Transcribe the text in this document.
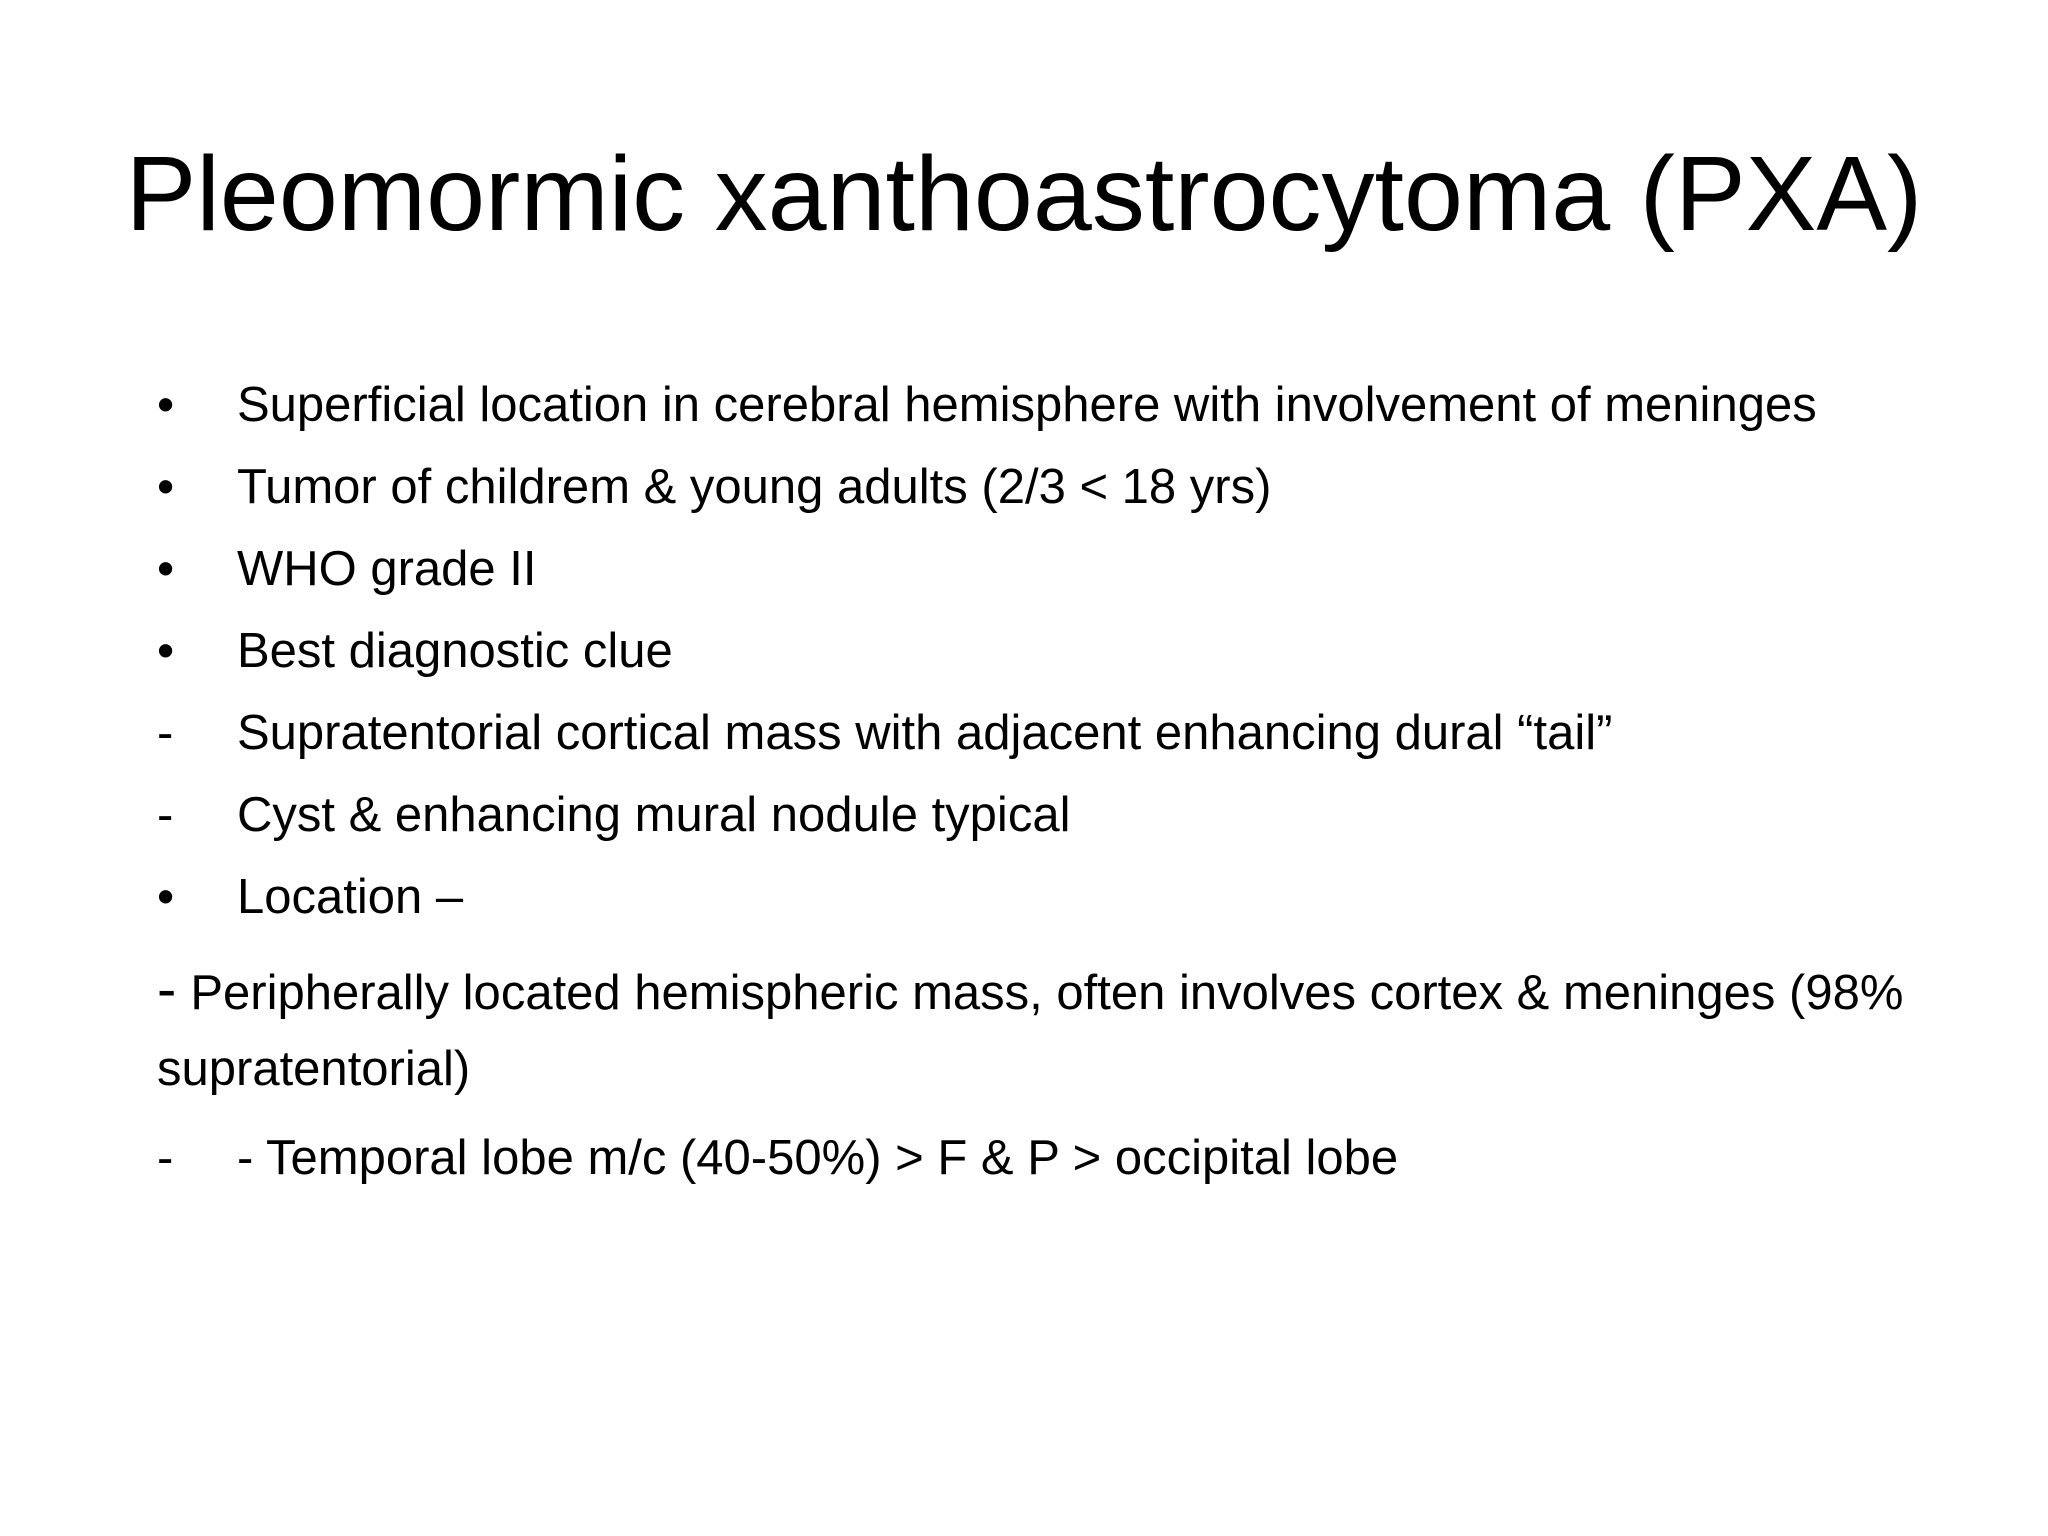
Pleomormic xanthoastrocytoma (PXA)
•	Superficial location in cerebral hemisphere with involvement of meninges
•	Tumor of childrem & young adults (2/3 < 18 yrs)
•	WHO grade II
•	Best diagnostic clue
-	Supratentorial cortical mass with adjacent enhancing dural “tail”
-	Cyst & enhancing mural nodule typical
•	Location –
- Peripherally located hemispheric mass, often involves cortex & meninges (98% supratentorial)
-	- Temporal lobe m/c (40-50%) > F & P > occipital lobe
